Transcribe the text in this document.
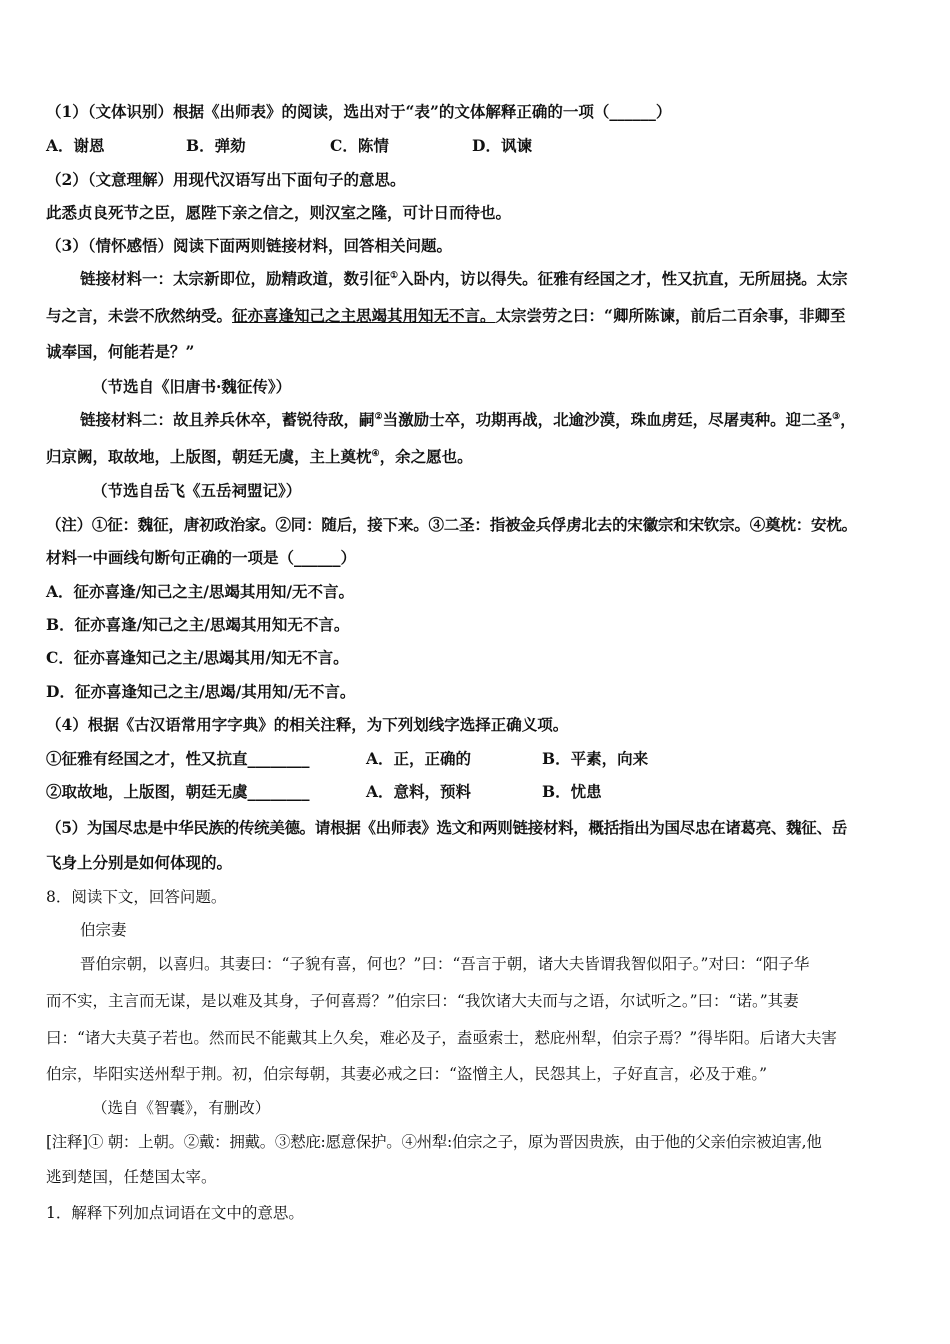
（1）（文体识别）根据《出师表》的阅读，选出对于“表”的文体解释正确的一项（______）
A．谢恩	B．弹劾	C．陈情	D．讽谏
（2）（文意理解）用现代汉语写出下面句子的意思。
此悉贞良死节之臣，愿陛下亲之信之，则汉室之隆，可计日而待也。
（3）（情怀感悟）阅读下面两则链接材料，回答相关问题。
链接材料一：太宗新即位，励精政道，数引征①入卧内，访以得失。征雅有经国之才，性又抗直，无所屈挠。太宗
与之言，未尝不欣然纳受。征亦喜逢知己之主思竭其用知无不言。太宗尝劳之曰：“卿所陈谏，前后二百余事，非卿至
诚奉国，何能若是？”
（节选自《旧唐书·魏征传》）
链接材料二：故且养兵休卒，蓄锐待敌，嗣②当激励士卒，功期再战，北逾沙漠，珠血虏廷，尽屠夷种。迎二圣③，
归京阙，取故地，上版图，朝廷无虞，主上奠枕④，余之愿也。
（节选自岳飞《五岳祠盟记》）
（注）①征：魏征，唐初政治家。②同：随后，接下来。③二圣：指被金兵俘虏北去的宋徽宗和宋钦宗。④奠枕：安枕。
材料一中画线句断句正确的一项是（______）
A．征亦喜逢/知己之主/思竭其用知/无不言。
B．征亦喜逢/知己之主/思竭其用知无不言。
C．征亦喜逢知己之主/思竭其用/知无不言。
D．征亦喜逢知己之主/思竭/其用知/无不言。
（4）根据《古汉语常用字字典》的相关注释，为下列划线字选择正确义项。
①征雅有经国之才，性又抗直________	A．正，正确的	B．平素，向来
②取故地，上版图，朝廷无虞________	A．意料，预料	B．忧患
（5）为国尽忠是中华民族的传统美德。请根据《出师表》选文和两则链接材料，概括指出为国尽忠在诸葛亮、魏征、岳
飞身上分别是如何体现的。
8．阅读下文，回答问题。
伯宗妻
晋伯宗朝，以喜归。其妻曰：“子貌有喜，何也？”曰：“吾言于朝，诸大夫皆谓我智似阳子。”对曰：“阳子华
而不实，主言而无谋，是以难及其身，子何喜焉？”伯宗曰：“我饮诸大夫而与之语，尔试听之。”曰：“诺。”其妻
曰：“诸大夫莫子若也。然而民不能戴其上久矣，难必及子，盍亟索士，慭庇州犁，伯宗子焉？”得毕阳。后诸大夫害
伯宗，毕阳实送州犁于荆。初，伯宗每朝，其妻必戒之曰：“盗憎主人，民怨其上，子好直言，必及于难。”
（选自《智囊》，有删改）
[注释]① 朝：上朝。②戴：拥戴。③慭庇:愿意保护。④州犁:伯宗之子，原为晋因贵族，由于他的父亲伯宗被迫害,他
逃到楚国，任楚国太宰。
1．解释下列加点词语在文中的意思。
